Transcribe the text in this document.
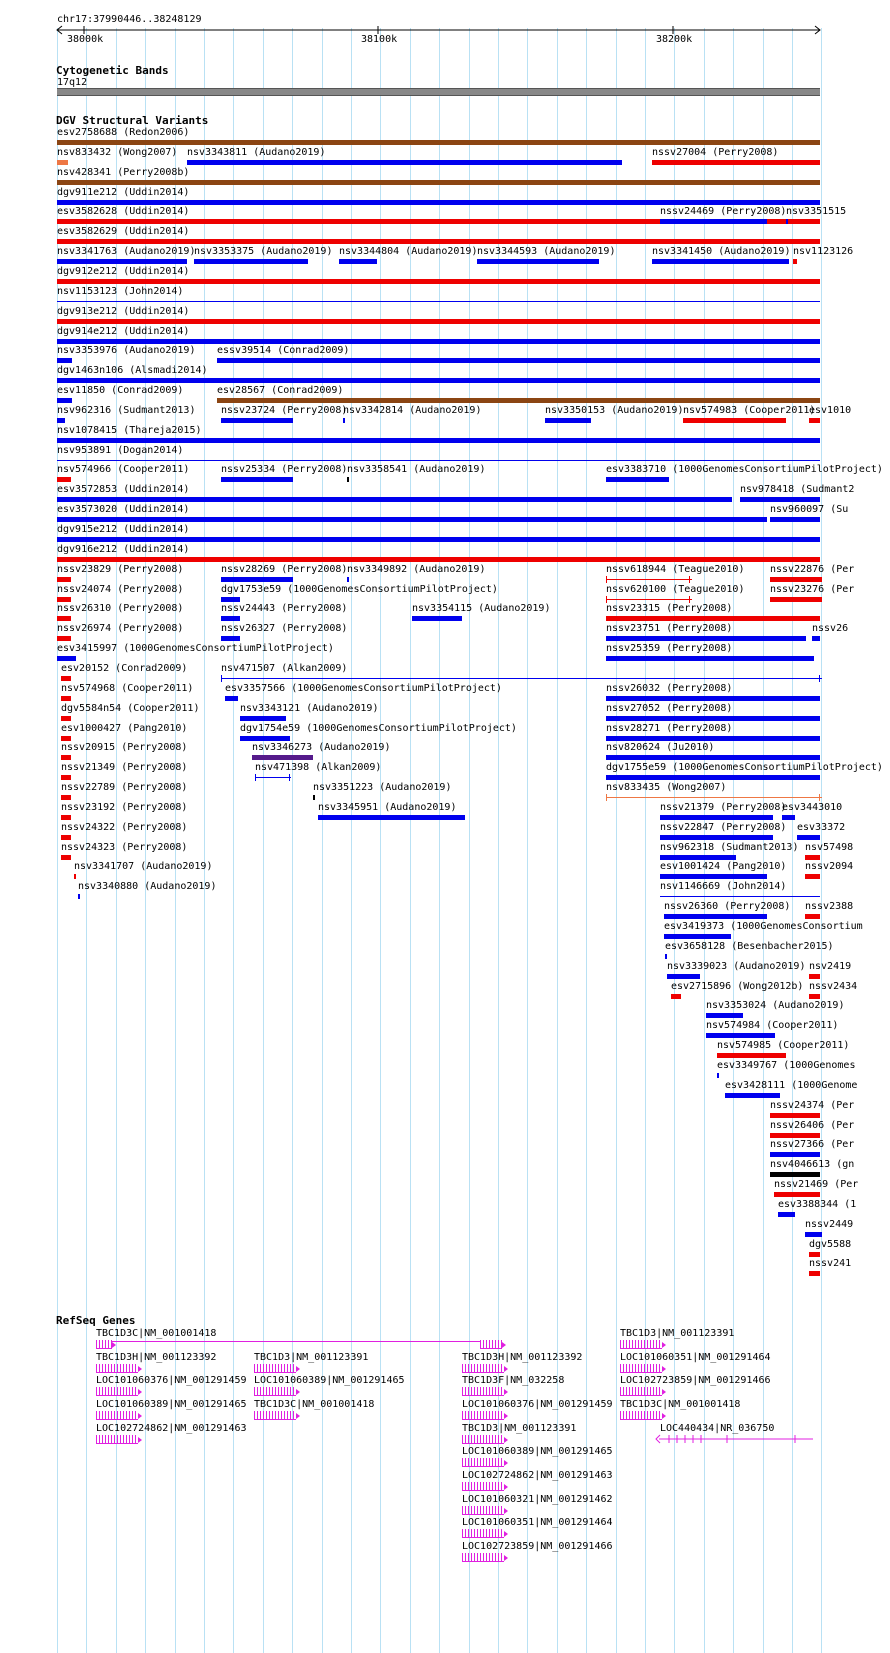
chr17:37990446..38248129
38000k	38100k	38200k
Cytogenetic Bands
17q12
DGV Structural Variants
esv2758688 (Redon2006)
nsv833432 (Wong2007) nsv3343811 (Audano2019)	nssv27004 (Perry2008)
nsv428341 (Perry2008b)
dgv911e212 (Uddin2014)
esv3582628 (Uddin2014)	nssv24469 (Perry2008) nsv3351515
esv3582629 (Uddin2014)
nsv3341763 (Audano2019)
nsv3353375 (Audano2019) nsv3344804 (Audano2019) nsv3344593 (Audano2019)	nsv3341450 (Audano2019) nsv1123126
dgv912e212 (Uddin2014)
nsv1153123 (John2014)
dgv913e212 (Uddin2014)
dgv914e212 (Uddin2014)
nsv3353976 (Audano2019) essv39514 (Conrad2009)
dgv1463n106 (Alsmadi2014)
esv11850 (Conrad2009)	esv28567 (Conrad2009)
nsv962316 (Sudmant2013)	nssv23724 (Perry2008)
nsv3342814 (Audano2019)	nsv3350153 (Audano2019) nsv574983 (Cooper2011)
esv1010
nsv1078415 (Thareja2015)
nsv953891 (Dogan2014)
nsv574966 (Cooper2011)	nssv25334 (Perry2008) nsv3358541 (Audano2019)	esv3383710 (1000GenomesConsortiumPilotProject)
esv3572853 (Uddin2014)	nsv978418 (Sudmant2
esv3573020 (Uddin2014)	nsv960097 (Su
dgv915e212 (Uddin2014)
dgv916e212 (Uddin2014)
nssv23829 (Perry2008)	nssv28269 (Perry2008) nsv3349892 (Audano2019)	nssv618944 (Teague2010)	nssv22876 (Per
nssv24074 (Perry2008)	dgv1753e59 (1000GenomesConsortiumPilotProject)	nssv620100 (Teague2010)	nssv23276 (Per
nssv26310 (Perry2008)	nssv24443 (Perry2008)	nsv3354115 (Audano2019)	nssv23315 (Perry2008)
nssv26974 (Perry2008)	nssv26327 (Perry2008)	nssv23751 (Perry2008)	nssv26
esv3415997 (1000GenomesConsortiumPilotProject)	nssv25359 (Perry2008)
esv20152 (Conrad2009)	nsv471507 (Alkan2009)
nsv574968 (Cooper2011)	esv3357566 (1000GenomesConsortiumPilotProject)	nssv26032 (Perry2008)
dgv5584n54 (Cooper2011)	nsv3343121 (Audano2019)	nssv27052 (Perry2008)
esv1000427 (Pang2010)	dgv1754e59 (1000GenomesConsortiumPilotProject)	nssv28271 (Perry2008)
nssv20915 (Perry2008)	nsv3346273 (Audano2019)	nsv820624 (Ju2010)
nssv21349 (Perry2008)	nsv471398 (Alkan2009)	dgv1755e59 (1000GenomesConsortiumPilotProject)
nssv22789 (Perry2008)	nsv3351223 (Audano2019)	nsv833435 (Wong2007)
nssv23192 (Perry2008)	nsv3345951 (Audano2019)	nssv21379 (Perry2008)
esv3443010
nssv24322 (Perry2008)	nssv22847 (Perry2008) esv33372
nssv24323 (Perry2008)	nsv962318 (Sudmant2013) nsv57498
nsv3341707 (Audano2019)	esv1001424 (Pang2010) nssv2094
nsv3340880 (Audano2019)	nsv1146669 (John2014)
nssv26360 (Perry2008) nssv2388
esv3419373 (1000GenomesConsortium
esv3658128 (Besenbacher2015)
nsv3339023 (Audano2019) nsv2419
esv2715896 (Wong2012b) nssv2434
nsv3353024 (Audano2019)
nsv574984 (Cooper2011)
nsv574985 (Cooper2011)
esv3349767 (1000Genomes
esv3428111 (1000Genome
nssv24374 (Per
nssv26406 (Per
nssv27366 (Per
nsv4046613 (gn
nssv21469 (Per
esv3388344 (1
nssv2449
dgv5588
nssv241
RefSeq Genes
TBC1D3C|NM_001001418
TBC1D3H|NM_001123392
LOC101060376|NM_001291459
LOC101060389|NM_001291465
LOC102724862|NM_001291463
TBC1D3|NM_001123391
LOC101060389|NM_001291465
TBC1D3C|NM_001001418
TBC1D3H|NM_001123392
TBC1D3F|NM_032258
LOC101060376|NM_001291459
TBC1D3|NM_001123391
LOC101060389|NM_001291465
LOC102724862|NM_001291463
LOC101060321|NM_001291462
LOC101060351|NM_001291464
LOC102723859|NM_001291466
TBC1D3|NM_001123391
LOC101060351|NM_001291464
LOC102723859|NM_001291466
TBC1D3C|NM_001001418
LOC440434|NR_036750
